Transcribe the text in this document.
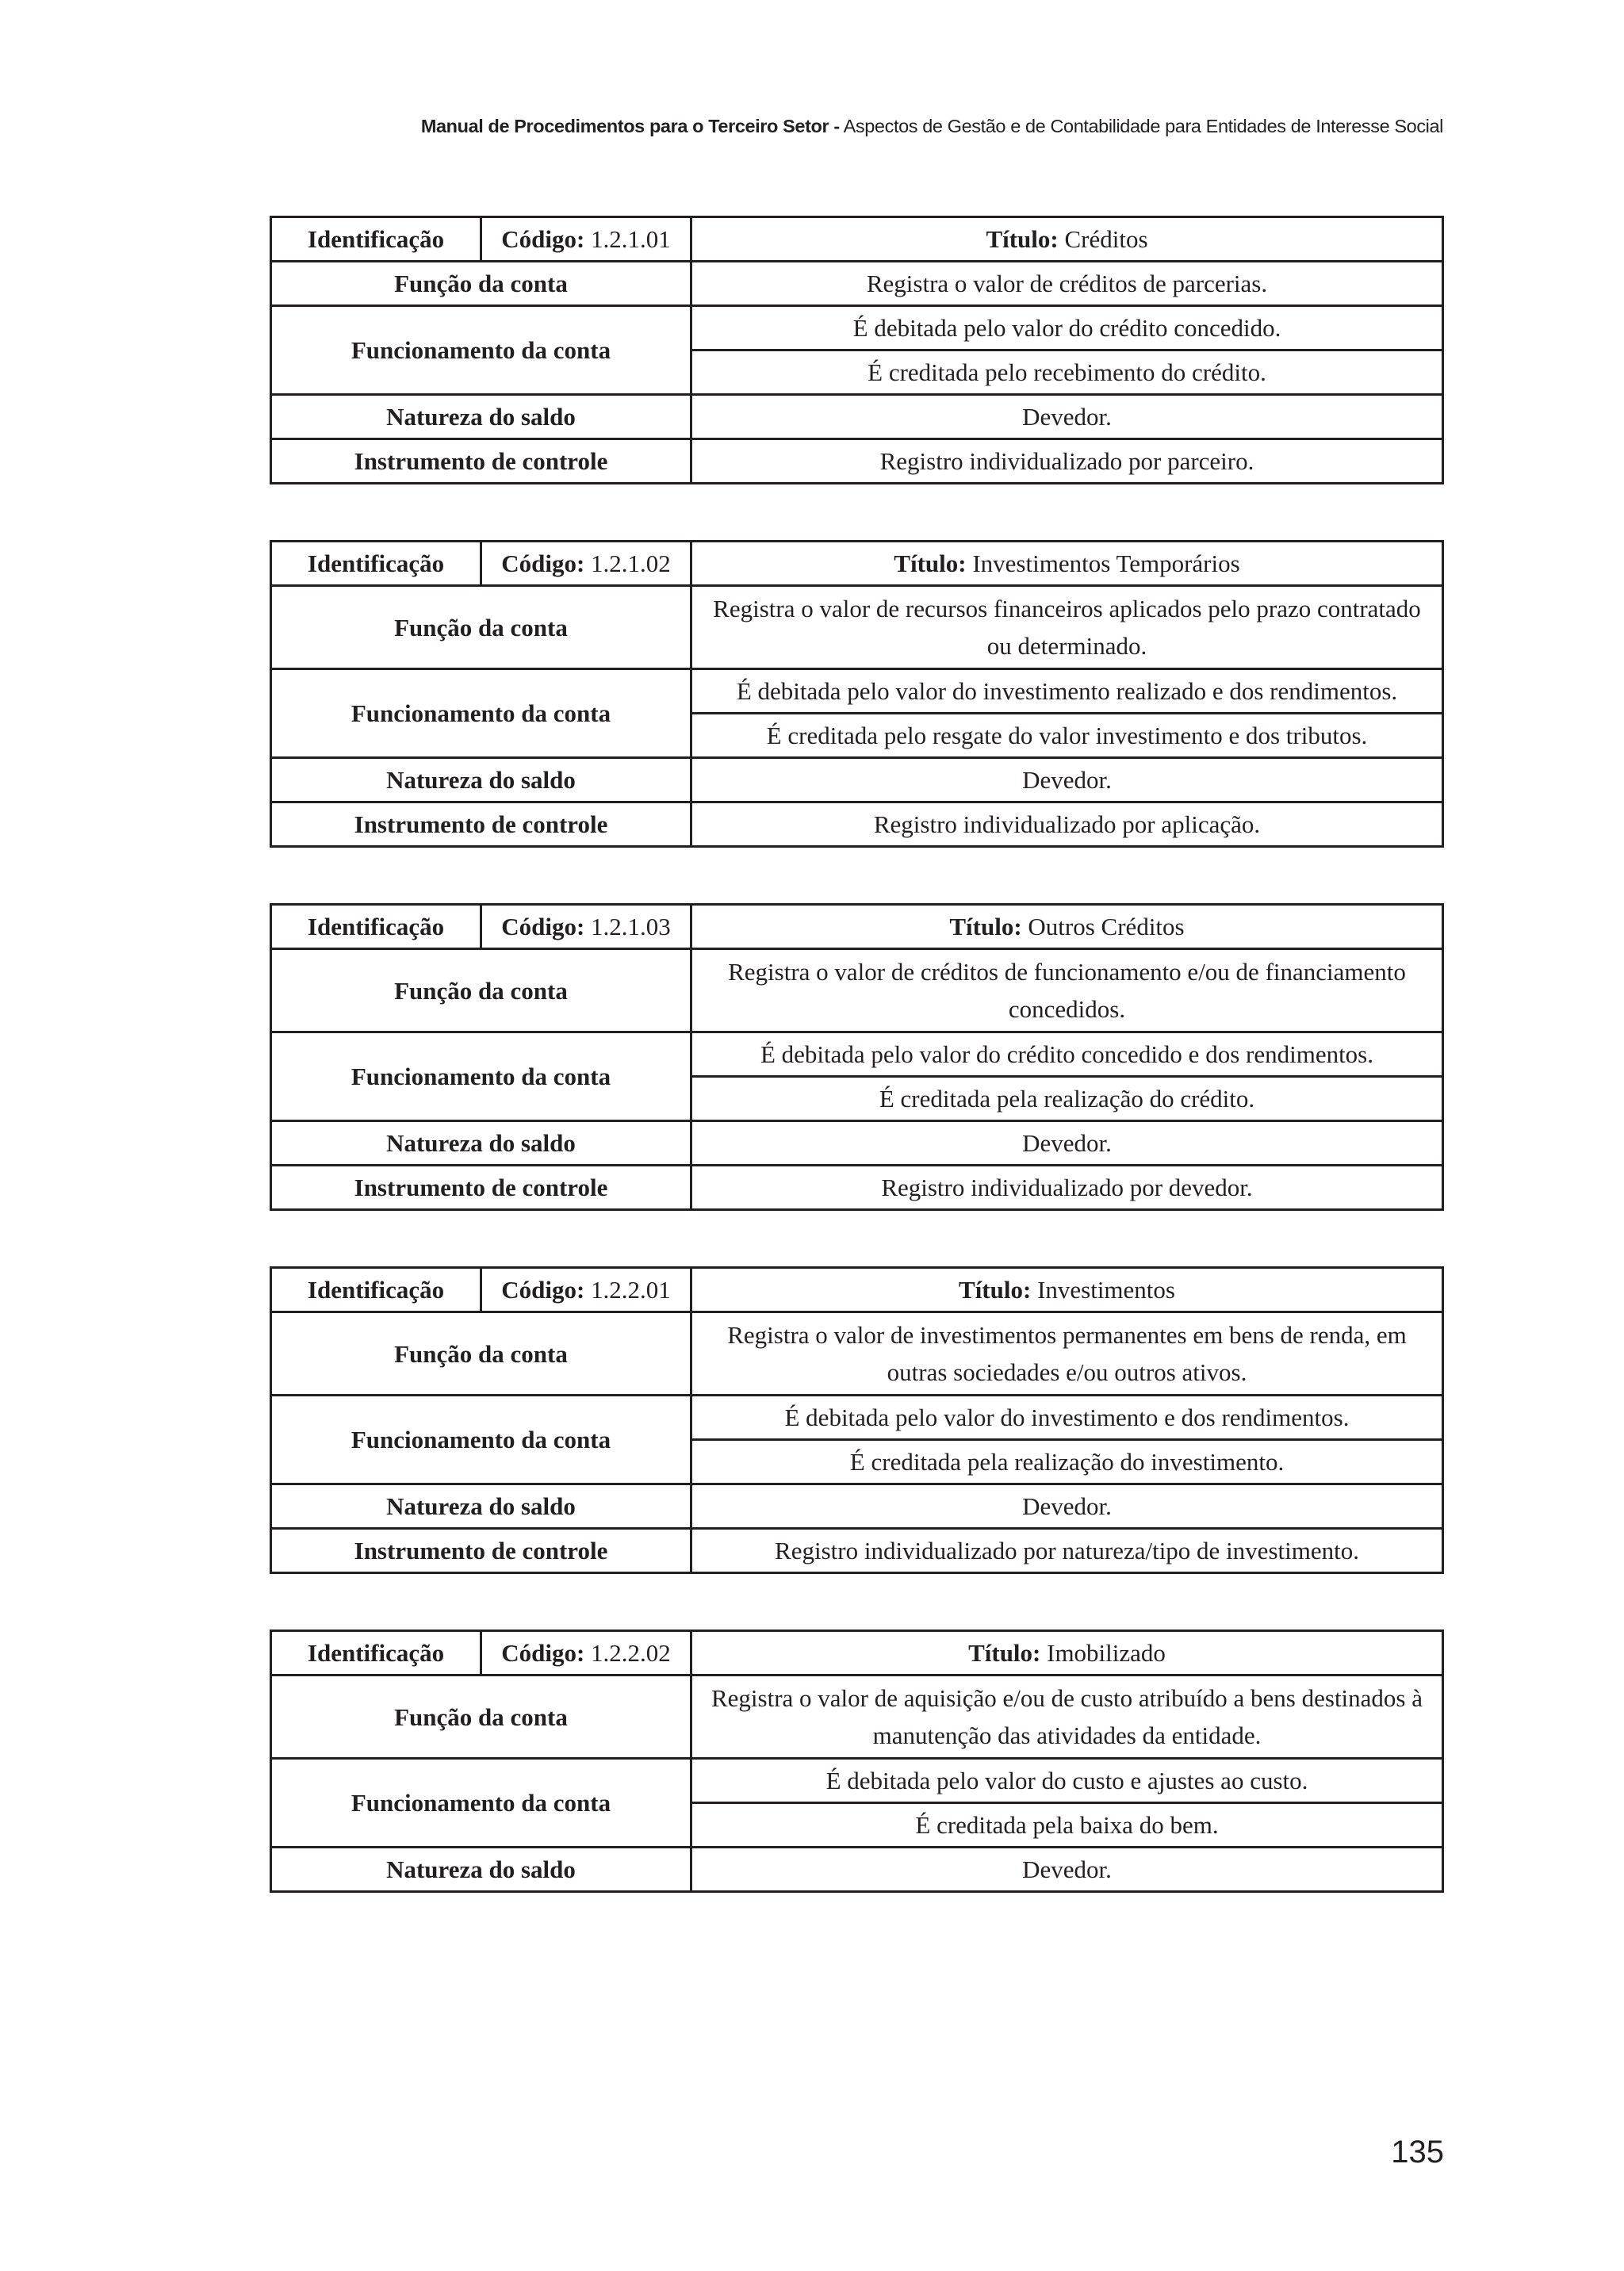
Manual de Procedimentos para o Terceiro Setor - Aspectos de Gestão e de Contabilidade para Entidades de Interesse Social
Identificação	Código: 1.2.1.01	Título: Créditos
Função da conta		Registra o valor de créditos de parcerias.
Funcionamento da conta		É debitada pelo valor do crédito concedido.
		É creditada pelo recebimento do crédito.
Natureza do saldo		Devedor.
Instrumento de controle		Registro individualizado por parceiro.
Identificação	Código: 1.2.1.02	Título: Investimentos Temporários
Função da conta		Registra o valor de recursos financeiros aplicados pelo prazo contratado ou determinado.
Funcionamento da conta		É debitada pelo valor do investimento realizado e dos rendimentos.
		É creditada pelo resgate do valor investimento e dos tributos.
Natureza do saldo		Devedor.
Instrumento de controle		Registro individualizado por aplicação.
Identificação	Código: 1.2.1.03	Título: Outros Créditos
Função da conta		Registra o valor de créditos de funcionamento e/ou de financiamento concedidos.
Funcionamento da conta		É debitada pelo valor do crédito concedido e dos rendimentos.
		É creditada pela realização do crédito.
Natureza do saldo		Devedor.
Instrumento de controle		Registro individualizado por devedor.
Identificação	Código: 1.2.2.01	Título: Investimentos
Função da conta		Registra o valor de investimentos permanentes em bens de renda, em outras sociedades e/ou outros ativos.
Funcionamento da conta		É debitada pelo valor do investimento e dos rendimentos.
		É creditada pela realização do investimento.
Natureza do saldo		Devedor.
Instrumento de controle		Registro individualizado por natureza/tipo de investimento.
Identificação	Código: 1.2.2.02	Título: Imobilizado
Função da conta		Registra o valor de aquisição e/ou de custo atribuído a bens destinados à manutenção das atividades da entidade.
Funcionamento da conta		É debitada pelo valor do custo e ajustes ao custo.
		É creditada pela baixa do bem.
Natureza do saldo		Devedor.
135
